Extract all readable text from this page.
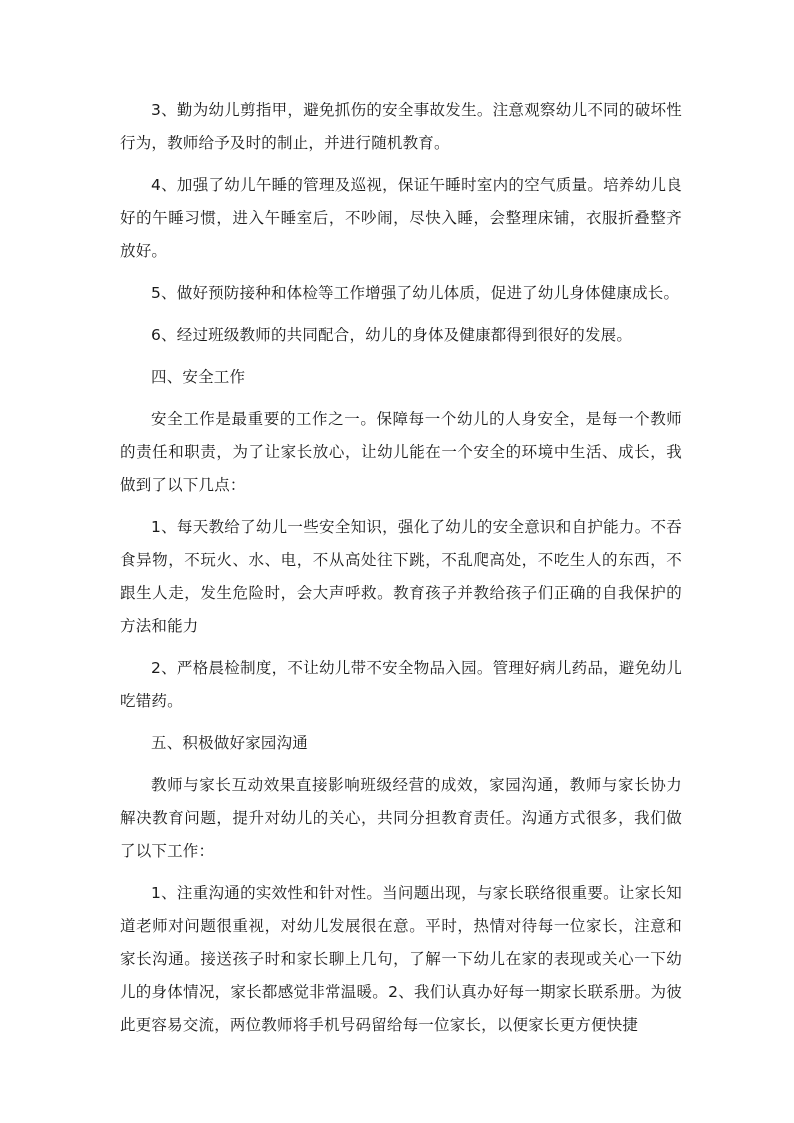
3、勤为幼儿剪指甲，避免抓伤的安全事故发生。注意观察幼儿不同的破坏性行为，教师给予及时的制止，并进行随机教育。

4、加强了幼儿午睡的管理及巡视，保证午睡时室内的空气质量。培养幼儿良好的午睡习惯，进入午睡室后，不吵闹，尽快入睡，会整理床铺，衣服折叠整齐放好。

5、做好预防接种和体检等工作增强了幼儿体质，促进了幼儿身体健康成长。

6、经过班级教师的共同配合，幼儿的身体及健康都得到很好的发展。

四、安全工作

安全工作是最重要的工作之一。保障每一个幼儿的人身安全，是每一个教师的责任和职责，为了让家长放心，让幼儿能在一个安全的环境中生活、成长，我做到了以下几点：

1、每天教给了幼儿一些安全知识，强化了幼儿的安全意识和自护能力。不吞食异物，不玩火、水、电，不从高处往下跳，不乱爬高处，不吃生人的东西，不跟生人走，发生危险时，会大声呼救。教育孩子并教给孩子们正确的自我保护的方法和能力

2、严格晨检制度，不让幼儿带不安全物品入园。管理好病儿药品，避免幼儿吃错药。

五、积极做好家园沟通

教师与家长互动效果直接影响班级经营的成效，家园沟通，教师与家长协力解决教育问题，提升对幼儿的关心，共同分担教育责任。沟通方式很多，我们做了以下工作：

1、注重沟通的实效性和针对性。当问题出现，与家长联络很重要。让家长知道老师对问题很重视，对幼儿发展很在意。平时，热情对待每一位家长，注意和家长沟通。接送孩子时和家长聊上几句，了解一下幼儿在家的表现或关心一下幼儿的身体情况，家长都感觉非常温暖。2、我们认真办好每一期家长联系册。为彼此更容易交流，两位教师将手机号码留给每一位家长，以便家长更方便快捷
